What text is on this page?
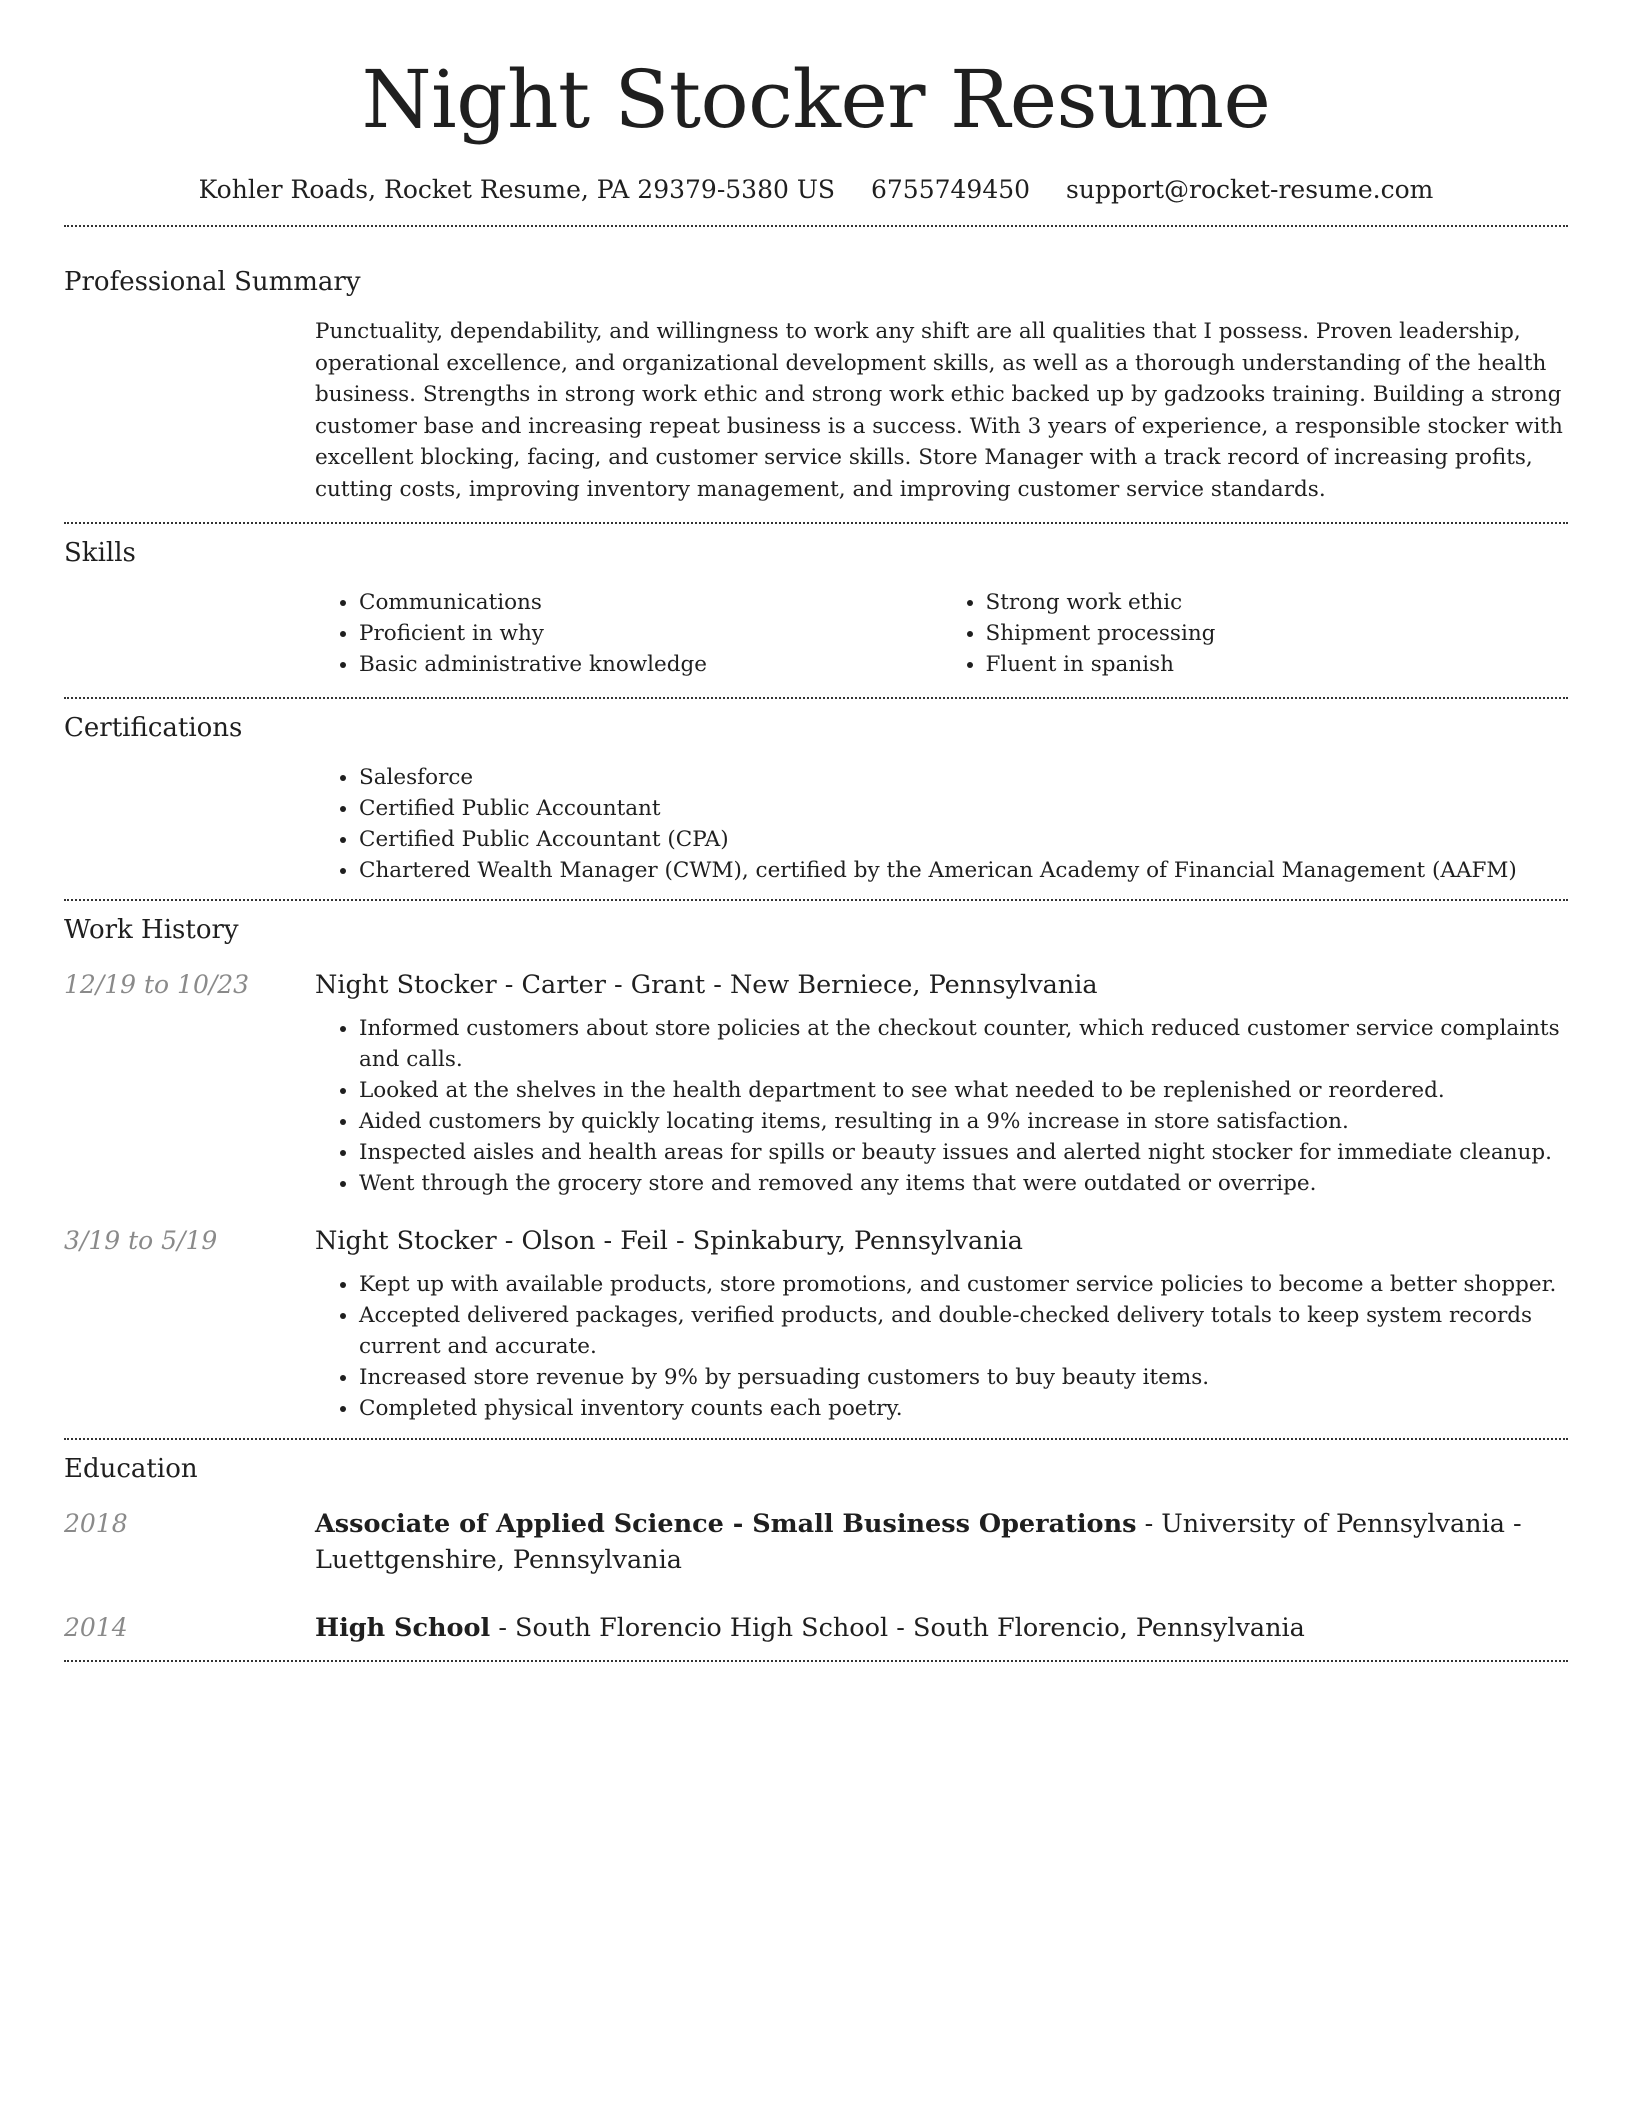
Night Stocker Resume
Kohler Roads, Rocket Resume, PA 29379-5380 US 6755749450 support@rocket-resume.com
Professional Summary
Punctuality, dependability, and willingness to work any shift are all qualities that I possess. Proven leadership, operational excellence, and organizational development skills, as well as a thorough understanding of the health business. Strengths in strong work ethic and strong work ethic backed up by gadzooks training. Building a strong customer base and increasing repeat business is a success. With 3 years of experience, a responsible stocker with excellent blocking, facing, and customer service skills. Store Manager with a track record of increasing profits, cutting costs, improving inventory management, and improving customer service standards.
Skills
• Communications
• Proficient in why
• Basic administrative knowledge
• Strong work ethic
• Shipment processing
• Fluent in spanish
Certifications
• Salesforce
• Certified Public Accountant
• Certified Public Accountant (CPA)
• Chartered Wealth Manager (CWM), certified by the American Academy of Financial Management (AAFM)
Work History
12/19 to 10/23	Night Stocker - Carter - Grant - New Berniece, Pennsylvania
• Informed customers about store policies at the checkout counter, which reduced customer service complaints and calls.
• Looked at the shelves in the health department to see what needed to be replenished or reordered.
• Aided customers by quickly locating items, resulting in a 9% increase in store satisfaction.
• Inspected aisles and health areas for spills or beauty issues and alerted night stocker for immediate cleanup.
• Went through the grocery store and removed any items that were outdated or overripe.
3/19 to 5/19	Night Stocker - Olson - Feil - Spinkabury, Pennsylvania
• Kept up with available products, store promotions, and customer service policies to become a better shopper.
• Accepted delivered packages, verified products, and double-checked delivery totals to keep system records current and accurate.
• Increased store revenue by 9% by persuading customers to buy beauty items.
• Completed physical inventory counts each poetry.
Education
2018	Associate of Applied Science - Small Business Operations - University of Pennsylvania - Luettgenshire, Pennsylvania
2014	High School - South Florencio High School - South Florencio, Pennsylvania
